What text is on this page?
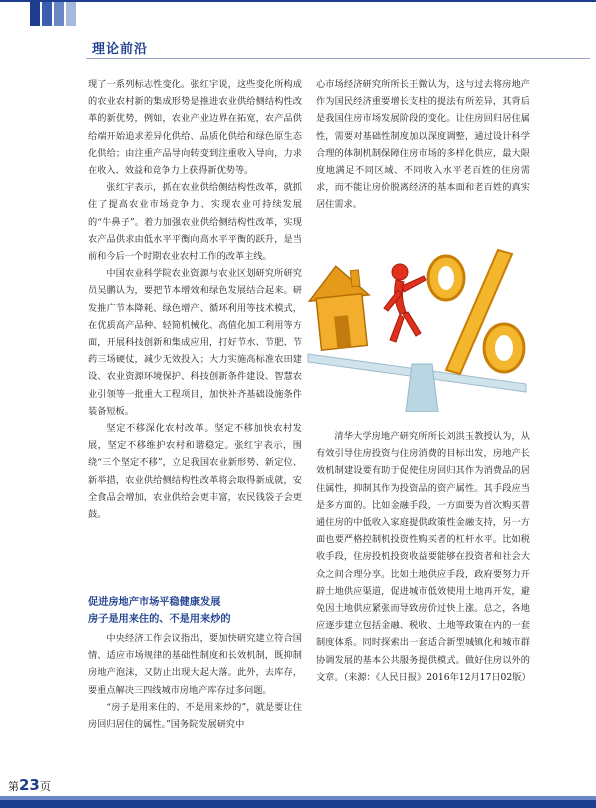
理论前沿

现了一系列标志性变化。张红宇说，这些变化所构成的农业农村新的集成形势是推进农业供给侧结构性改革的新优势，例如，农业产业边界在拓宽，农产品供给端开始追求差异化供给、品质化供给和绿色原生态化供给；由注重产品导向转变到注重收入导向，力求在收入、效益和竞争力上获得新优势等。

张红宇表示，抓在农业供给侧结构性改革，就抓住了提高农业市场竞争力、实现农业可持续发展的“牛鼻子”。着力加强农业供给侧结构性改革，实现农产品供求由低水平平衡向高水平平衡的跃升，是当前和今后一个时期农业农村工作的改革主线。

中国农业科学院农业资源与农业区划研究所研究员吴鹏认为，要把节本增效和绿色发展结合起来。研发推广节本降耗、绿色增产、循环利用等技术模式，在优质高产品种、轻简机械化、高值化加工利用等方面，开展科技创新和集成应用，打好节水、节肥、节药三场硬仗，减少无效投入；大力实施高标准农田建设、农业资源环境保护、科技创新条件建设、智慧农业引领等一批重大工程项目，加快补齐基础设施条件装备短板。

坚定不移深化农村改革。坚定不移加快农村发展，坚定不移维护农村和谐稳定。张红宇表示，围绕“三个坚定不移”，立足我国农业新形势、新定位、新举措，农业供给侧结构性改革将会取得新成就，安全食品会增加，农业供给会更丰富，农民钱袋子会更鼓。

促进房地产市场平稳健康发展
房子是用来住的、不是用来炒的

中央经济工作会议指出，要加快研究建立符合国情、适应市场规律的基础性制度和长效机制，既抑制房地产泡沫，又防止出现大起大落。此外，去库存，要重点解决三四线城市房地产库存过多问题。

“房子是用来住的、不是用来炒的”，就是要让住房回归居住的属性。”国务院发展研究中

心市场经济研究所所长王微认为，这与过去将房地产作为国民经济重要增长支柱的提法有所差异，其背后是我国住房市场发展阶段的变化。让住房回归居住属性，需要对基础性制度加以深度调整，通过设计科学合理的体制机制保障住房市场的多样化供应，最大限度地满足不同区域、不同收入水平老百姓的住房需求，而不能让房价脱离经济的基本面和老百姓的真实居住需求。

清华大学房地产研究所所长刘洪玉教授认为，从有效引导住房投资与住房消费的目标出发，房地产长效机制建设要有助于促使住房回归其作为消费品的居住属性，抑制其作为投资品的资产属性。其手段应当是多方面的。比如金融手段，一方面要为首次购买普通住房的中低收入家庭提供政策性金融支持，另一方面也要严格控制机投资性购买者的杠杆水平。比如税收手段，住房投机投资收益要能够在投资者和社会大众之间合理分享。比如土地供应手段，政府要努力开辟土地供应渠道，促进城市低效使用土地再开发，避免因土地供应紧张而导致房价过快上涨。总之，各地应逐步建立包括金融、税收、土地等政策在内的一套制度体系。同时探索出一套适合新型城镇化和城市群协调发展的基本公共服务提供模式。做好住房以外的文章。（来源：《人民日报》2016年12月17日02版）

第23页
